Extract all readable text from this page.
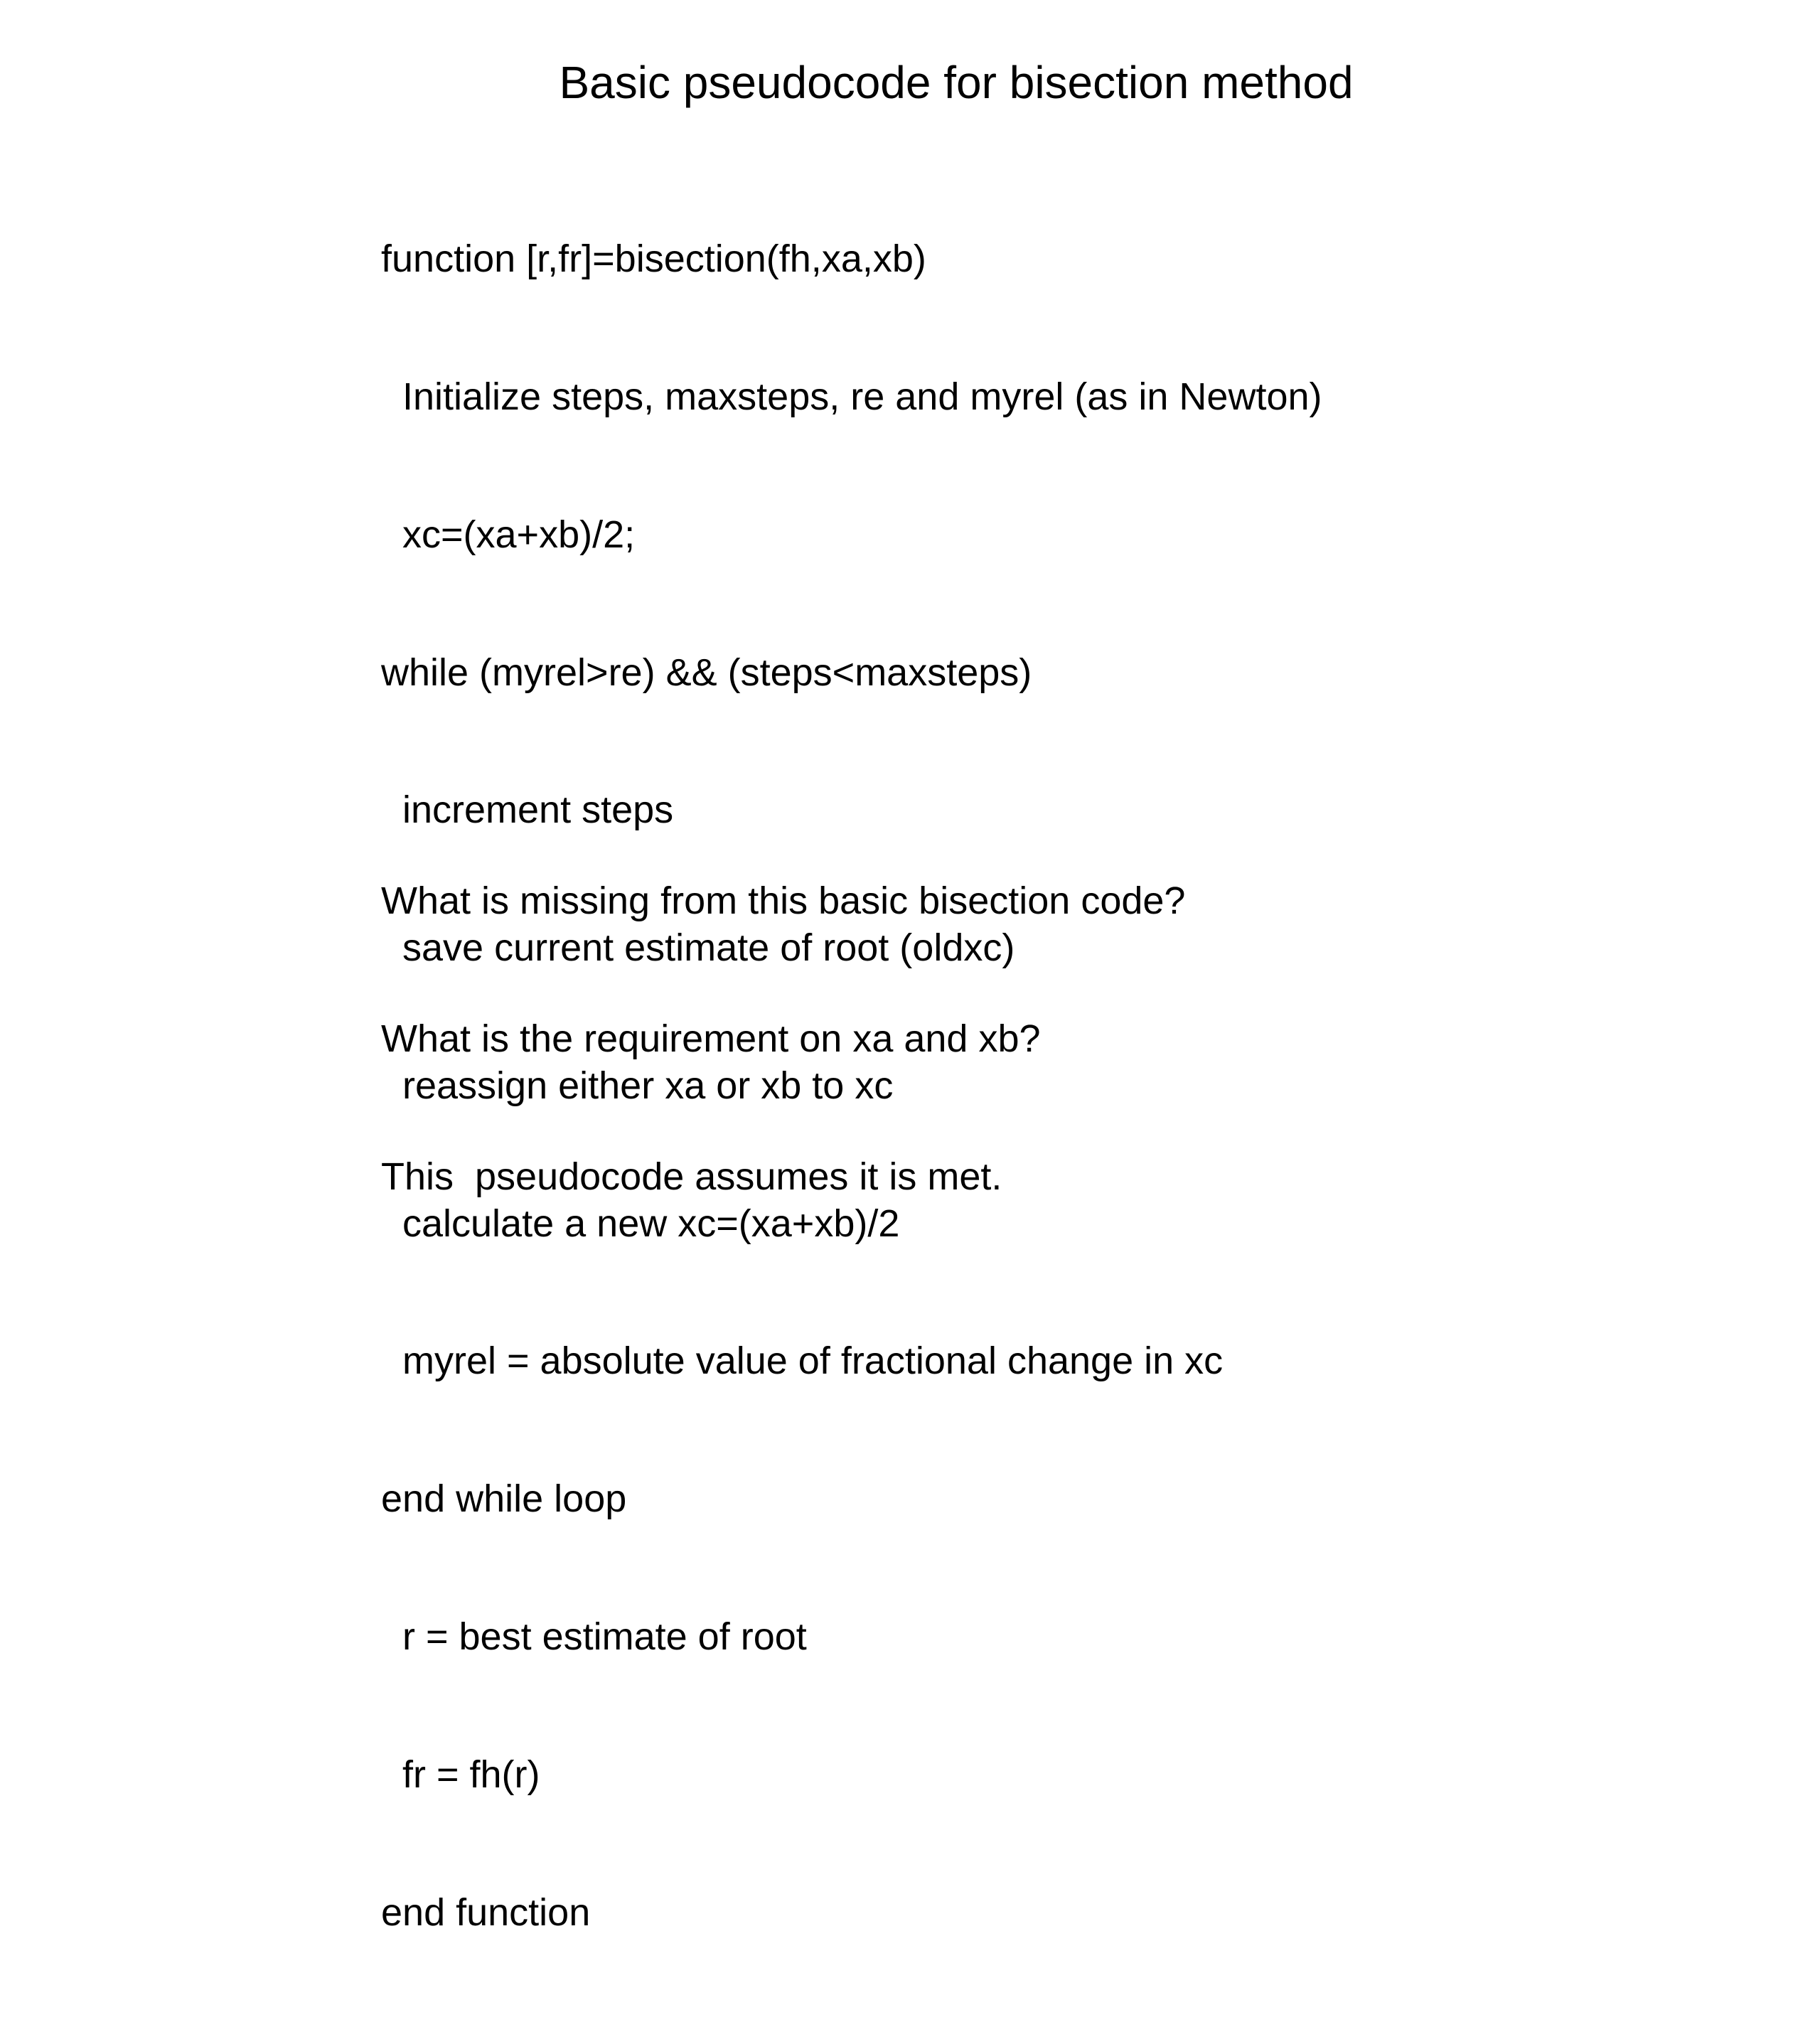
Basic pseudocode for bisection method

function [r,fr]=bisection(fh,xa,xb)

Initialize steps, maxsteps, re and myrel (as in Newton)

xc=(xa+xb)/2;

while (myrel>re) && (steps<maxsteps)

increment steps

save current estimate of root (oldxc)

reassign either xa or xb to xc

calculate a new xc=(xa+xb)/2

myrel = absolute value of fractional change in xc

end while loop

r = best estimate of root

fr = fh(r)

end function

What is missing from this basic bisection code?

What is the requirement on xa and xb?

This  pseudocode assumes it is met.
